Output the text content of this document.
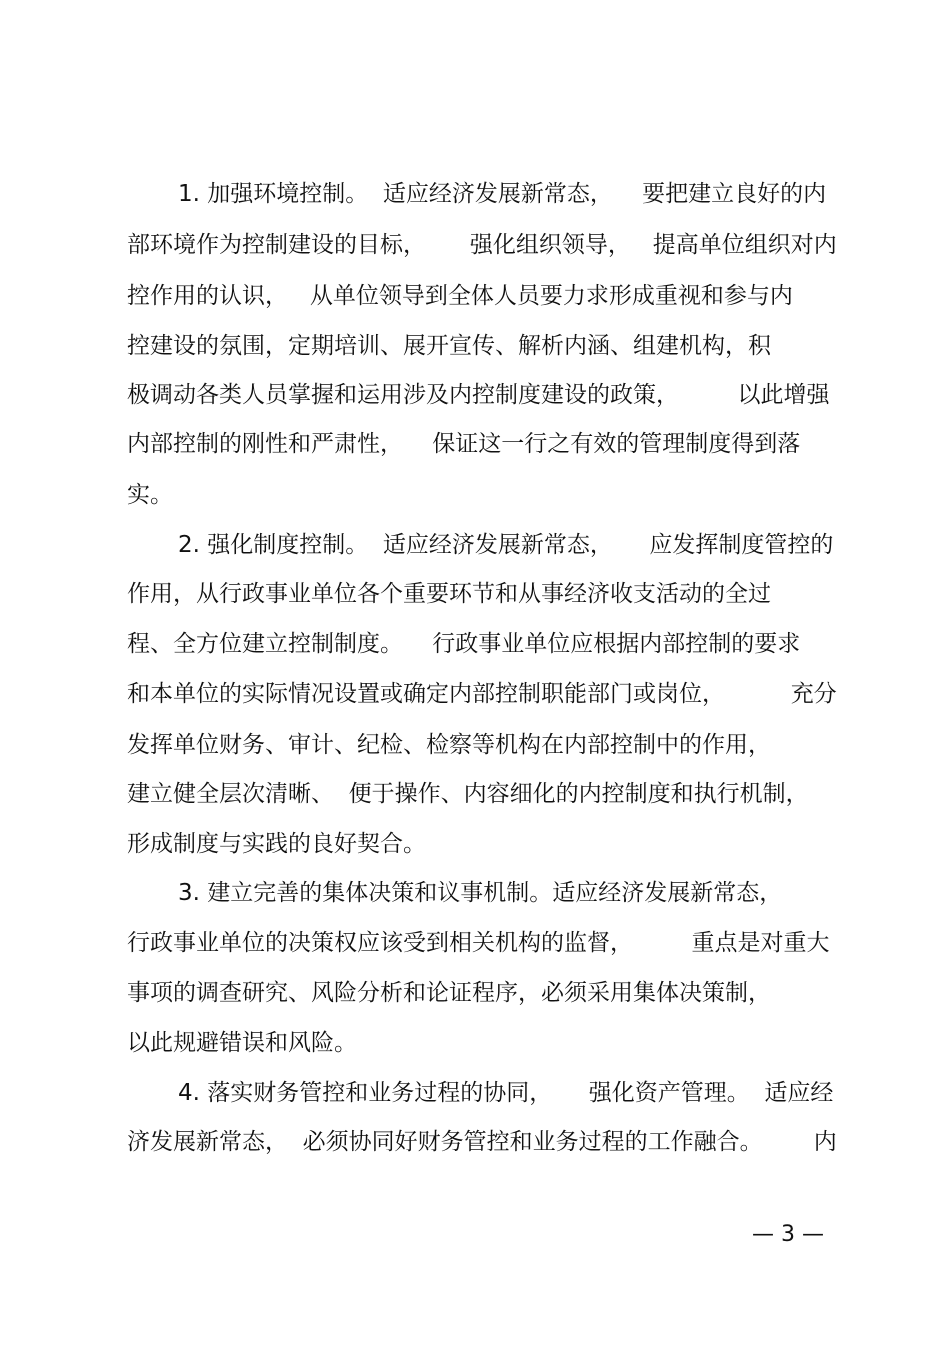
1. 加强环境控制。  适应经济发展新常态，    要把建立良好的内
部环境作为控制建设的目标，      强化组织领导，   提高单位组织对内
控作用的认识，   从单位领导到全体人员要力求形成重视和参与内
控建设的氛围，定期培训、展开宣传、解析内涵、组建机构，积
极调动各类人员掌握和运用涉及内控制度建设的政策，        以此增强
内部控制的刚性和严肃性，    保证这一行之有效的管理制度得到落
实。
2. 强化制度控制。  适应经济发展新常态，     应发挥制度管控的
作用，从行政事业单位各个重要环节和从事经济收支活动的全过
程、全方位建立控制制度。    行政事业单位应根据内部控制的要求
和本单位的实际情况设置或确定内部控制职能部门或岗位，         充分
发挥单位财务、审计、纪检、检察等机构在内部控制中的作用，
建立健全层次清晰、  便于操作、内容细化的内控制度和执行机制，
形成制度与实践的良好契合。
3. 建立完善的集体决策和议事机制。适应经济发展新常态，
行政事业单位的决策权应该受到相关机构的监督，        重点是对重大
事项的调查研究、风险分析和论证程序，必须采用集体决策制，
以此规避错误和风险。
4. 落实财务管控和业务过程的协同，     强化资产管理。  适应经
济发展新常态，  必须协同好财务管控和业务过程的工作融合。       内
— 3 —
